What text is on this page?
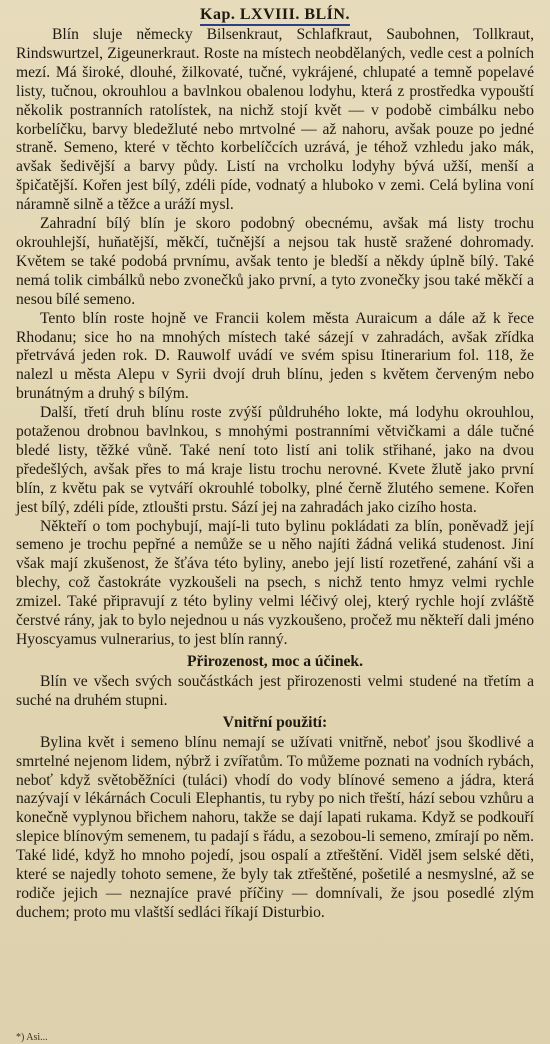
Kap. LXVIII. BLÍN.

Blín sluje německy Bilsenkraut, Schlafkraut, Saubohnen, Tollkraut, Rindswurtzel, Zigeunerkraut. Roste na místech neobdělaných, vedle cest a polních mezí. Má široké, dlouhé, žilkovaté, tučné, vykrájené, chlupaté a temně popelavé listy, tučnou, okrouhlou a bavlnkou obalenou lodyhu, která z prostředka vypouští několik postranních ratolístek, na nichž stojí květ — v podobě cimbálku nebo korbelíčku, barvy bledežluté nebo mrtvolné — až nahoru, avšak pouze po jedné straně. Semeno, které v těchto korbelíčcích uzrává, je téhož vzhledu jako mák, avšak šedivější a barvy půdy. Listí na vrcholku lodyhy bývá užší, menší a špičatější. Kořen jest bílý, zdéli píde, vodnatý a hluboko v zemi. Celá bylina voní náramně silně a těžce a uráží mysl.

Zahradní bílý blín je skoro podobný obecnému, avšak má listy trochu okrouhlejší, huňatější, měkčí, tučnější a nejsou tak hustě sražené dohromady. Květem se také podobá prvnímu, avšak tento je bledší a někdy úplně bílý. Také nemá tolik cimbálků nebo zvonečků jako první, a tyto zvonečky jsou také měkčí a nesou bílé semeno.

Tento blín roste hojně ve Francii kolem města Auraicum a dále až k řece Rhodanu; sice ho na mnohých místech také sázejí v zahradách, avšak zřídka přetrvává jeden rok. D. Rauwolf uvádí ve svém spisu Itinerarium fol. 118, že nalezl u města Alepu v Syrii dvojí druh blínu, jeden s květem červeným nebo brunátným a druhý s bílým.

Další, třetí druh blínu roste zvýší půldruhého lokte, má lodyhu okrouhlou, potaženou drobnou bavlnkou, s mnohými postranními větvičkami a dále tučné bledé listy, těžké vůně. Také není toto listí ani tolik střihané, jako na dvou předešlých, avšak přes to má kraje listu trochu nerovné. Kvete žlutě jako první blín, z květu pak se vytváří okrouhlé tobolky, plné černě žlutého semene. Kořen jest bílý, zdéli píde, ztloušti prstu. Sází jej na zahradách jako cizího hosta.

Někteří o tom pochybují, mají-li tuto bylinu pokládati za blín, poněvadž její semeno je trochu pepřné a nemůže se u něho najíti žádná veliká studenost. Jiní však mají zkušenost, že šťáva této byliny, anebo její listí rozetřené, zahání vši a blechy, což častokráte vyzkoušeli na psech, s nichž tento hmyz velmi rychle zmizel. Také připravují z této byliny velmi léčivý olej, který rychle hojí zvláště čerstvé rány, jak to bylo nejednou u nás vyzkoušeno, pročež mu někteří dali jméno Hyoscyamus vulnerarius, to jest blín ranný.

Přirozenost, moc a účinek.

Blín ve všech svých součástkách jest přirozenosti velmi studené na třetím a suché na druhém stupni.

Vnitřní použití:

Bylina květ i semeno blínu nemají se užívati vnitřně, neboť jsou škodlivé a smrtelné nejenom lidem, nýbrž i zvířatům. To můžeme poznati na vodních rybách, neboť když světoběžníci (tuláci) vhodí do vody blínové semeno a jádra, která nazývají v lékárnách Coculi Elephantis, tu ryby po nich třeští, hází sebou vzhůru a konečně vyplynou břichem nahoru, takže se dají lapati rukama. Když se podkouří slepice blínovým semenem, tu padají s řádu, a sezobou-li semeno, zmírají po něm. Také lidé, když ho mnoho pojedí, jsou ospalí a ztřeštění. Viděl jsem selské děti, které se najedly tohoto semene, že byly tak ztřeštěné, pošetilé a nesmyslné, až se rodiče jejich — neznajíce pravé příčiny — domnívali, že jsou posedlé zlým duchem; proto mu vlaštší sedláci říkají Disturbio.

*) Asi...
